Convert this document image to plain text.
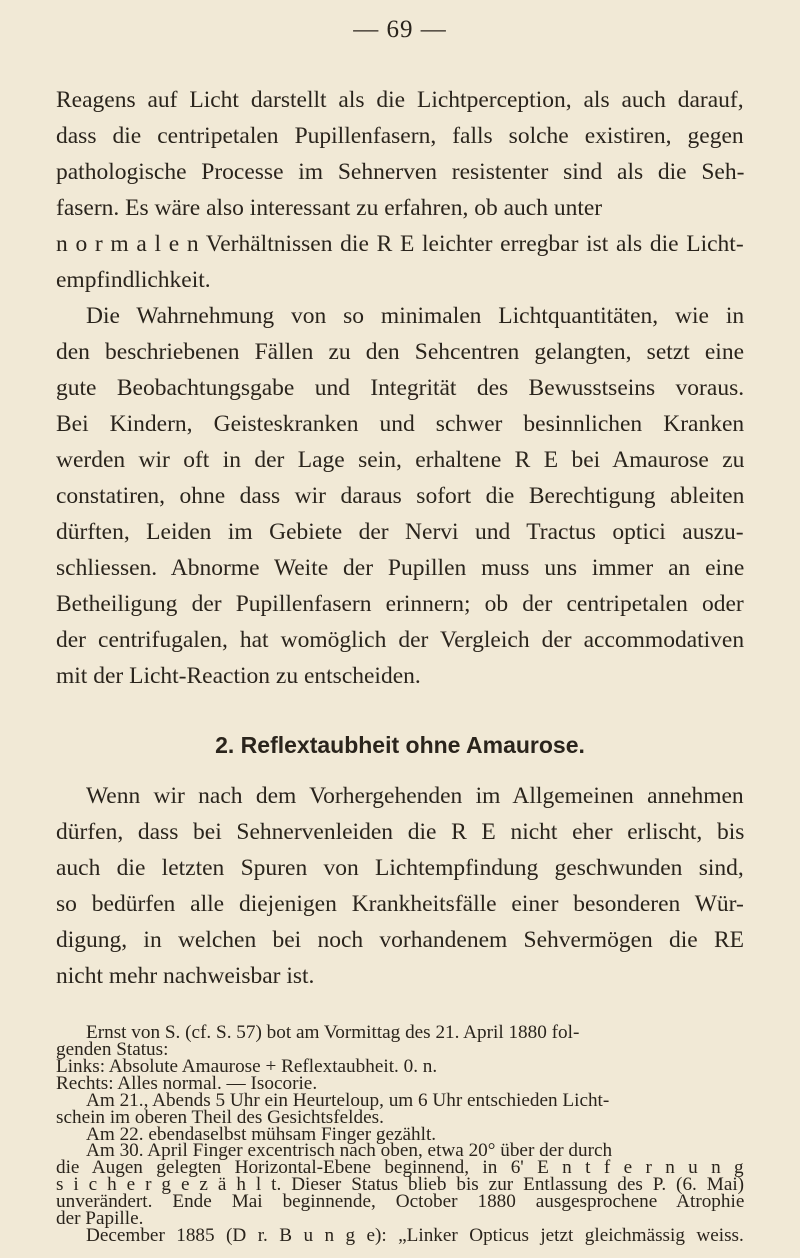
— 69 —
Reagens auf Licht darstellt als die Lichtperception, als auch darauf,
dass die centripetalen Pupillenfasern, falls solche existiren, gegen
pathologische Processe im Sehnerven resistenter sind als die Seh-
fasern. Es wäre also interessant zu erfahren, ob auch unter
n o r m a l e n Verhältnissen die R E leichter erregbar ist als die Licht-
empfindlichkeit.
Die Wahrnehmung von so minimalen Lichtquantitäten, wie in
den beschriebenen Fällen zu den Sehcentren gelangten, setzt eine
gute Beobachtungsgabe und Integrität des Bewusstseins voraus.
Bei Kindern, Geisteskranken und schwer besinnlichen Kranken
werden wir oft in der Lage sein, erhaltene R E bei Amaurose zu
constatiren, ohne dass wir daraus sofort die Berechtigung ableiten
dürften, Leiden im Gebiete der Nervi und Tractus optici auszu-
schliessen. Abnorme Weite der Pupillen muss uns immer an eine
Betheiligung der Pupillenfasern erinnern; ob der centripetalen oder
der centrifugalen, hat womöglich der Vergleich der accommodativen
mit der Licht-Reaction zu entscheiden.
2. Reflextaubheit ohne Amaurose.
Wenn wir nach dem Vorhergehenden im Allgemeinen annehmen
dürfen, dass bei Sehnervenleiden die R E nicht eher erlischt, bis
auch die letzten Spuren von Lichtempfindung geschwunden sind,
so bedürfen alle diejenigen Krankheitsfälle einer besonderen Wür-
digung, in welchen bei noch vorhandenem Sehvermögen die RE
nicht mehr nachweisbar ist.
Ernst von S. (cf. S. 57) bot am Vormittag des 21. April 1880 fol-
genden Status:
Links: Absolute Amaurose + Reflextaubheit. 0. n.
Rechts: Alles normal. — Isocorie.
Am 21., Abends 5 Uhr ein Heurteloup, um 6 Uhr entschieden Licht-
schein im oberen Theil des Gesichtsfeldes.
Am 22. ebendaselbst mühsam Finger gezählt.
Am 30. April Finger excentrisch nach oben, etwa 20° über der durch
die Augen gelegten Horizontal-Ebene beginnend, in 6' E n t f e r n u n g
s i c h e r g e z ä h l t. Dieser Status blieb bis zur Entlassung des P. (6. Mai)
unverändert. Ende Mai beginnende, October 1880 ausgesprochene Atrophie
der Papille.
December 1885 (D r. B u n g e): „Linker Opticus jetzt gleichmässig weiss.
